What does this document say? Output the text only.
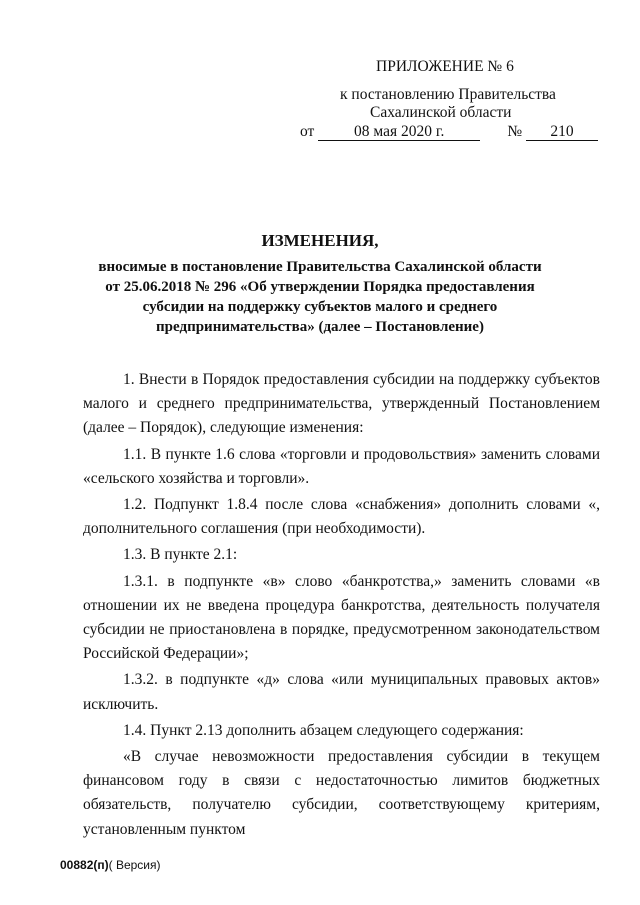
ПРИЛОЖЕНИЕ № 6
к постановлению Правительства
Сахалинской области
от	08 мая 2020 г.	№ 210
ИЗМЕНЕНИЯ,
вносимые в постановление Правительства Сахалинской области от 25.06.2018 № 296 «Об утверждении Порядка предоставления субсидии на поддержку субъектов малого и среднего предпринимательства» (далее – Постановление)

1. Внести в Порядок предоставления субсидии на поддержку субъектов малого и среднего предпринимательства, утвержденный Постановлением (далее – Порядок), следующие изменения:

1.1. В пункте 1.6 слова «торговли и продовольствия» заменить словами «сельского хозяйства и торговли».

1.2. Подпункт 1.8.4 после слова «снабжения» дополнить словами «, дополнительного соглашения (при необходимости).

1.3. В пункте 2.1:

1.3.1. в подпункте «в» слово «банкротства,» заменить словами «в отношении их не введена процедура банкротства, деятельность получателя субсидии не приостановлена в порядке, предусмотренном законодательством Российской Федерации»;

1.3.2. в подпункте «д» слова «или муниципальных правовых актов» исключить.

1.4. Пункт 2.13 дополнить абзацем следующего содержания:

«В случае невозможности предоставления субсидии в текущем финансовом году в связи с недостаточностью лимитов бюджетных обязательств, получателю субсидии, соответствующему критериям, установленным пунктом

00882(п)( Версия)
